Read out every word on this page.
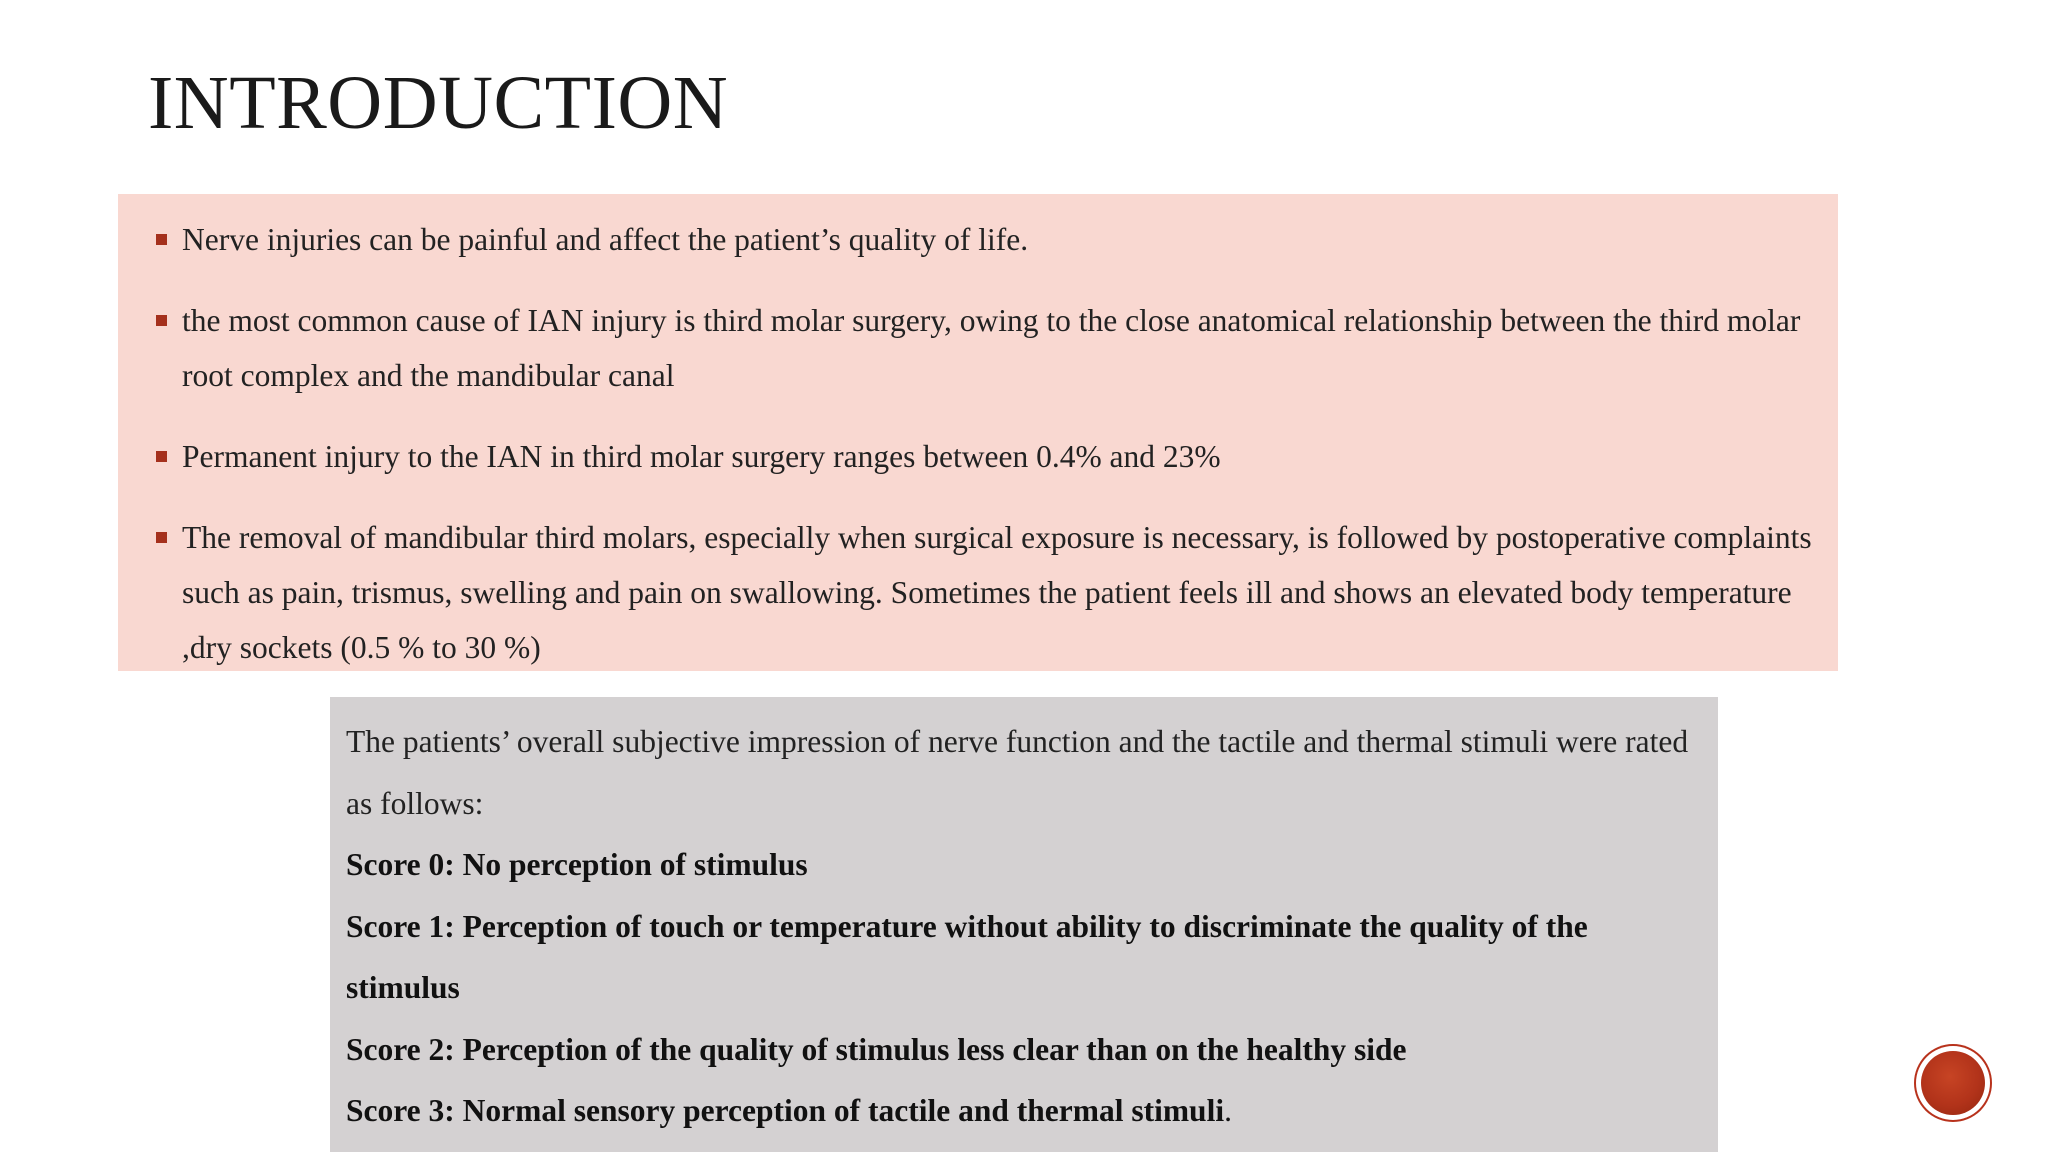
INTRODUCTION
Nerve injuries can be painful and affect the patient’s quality of life.
the most common cause of IAN injury is third molar surgery, owing to the close anatomical relationship between the third molar root complex and the mandibular canal
Permanent injury to the IAN in third molar surgery ranges between 0.4% and 23%
The removal of mandibular third molars, especially when surgical exposure is necessary, is followed by postoperative complaints such as pain, trismus, swelling and pain on swallowing. Sometimes the patient feels ill and shows an elevated body temperature ,dry sockets (0.5 % to 30 %)

The patients’ overall subjective impression of nerve function and the tactile and thermal stimuli were rated as follows:

Score 0: No perception of stimulus

Score 1: Perception of touch or temperature without ability to discriminate the quality of the stimulus

Score 2: Perception of the quality of stimulus less clear than on the healthy side

Score 3: Normal sensory perception of tactile and thermal stimuli.
